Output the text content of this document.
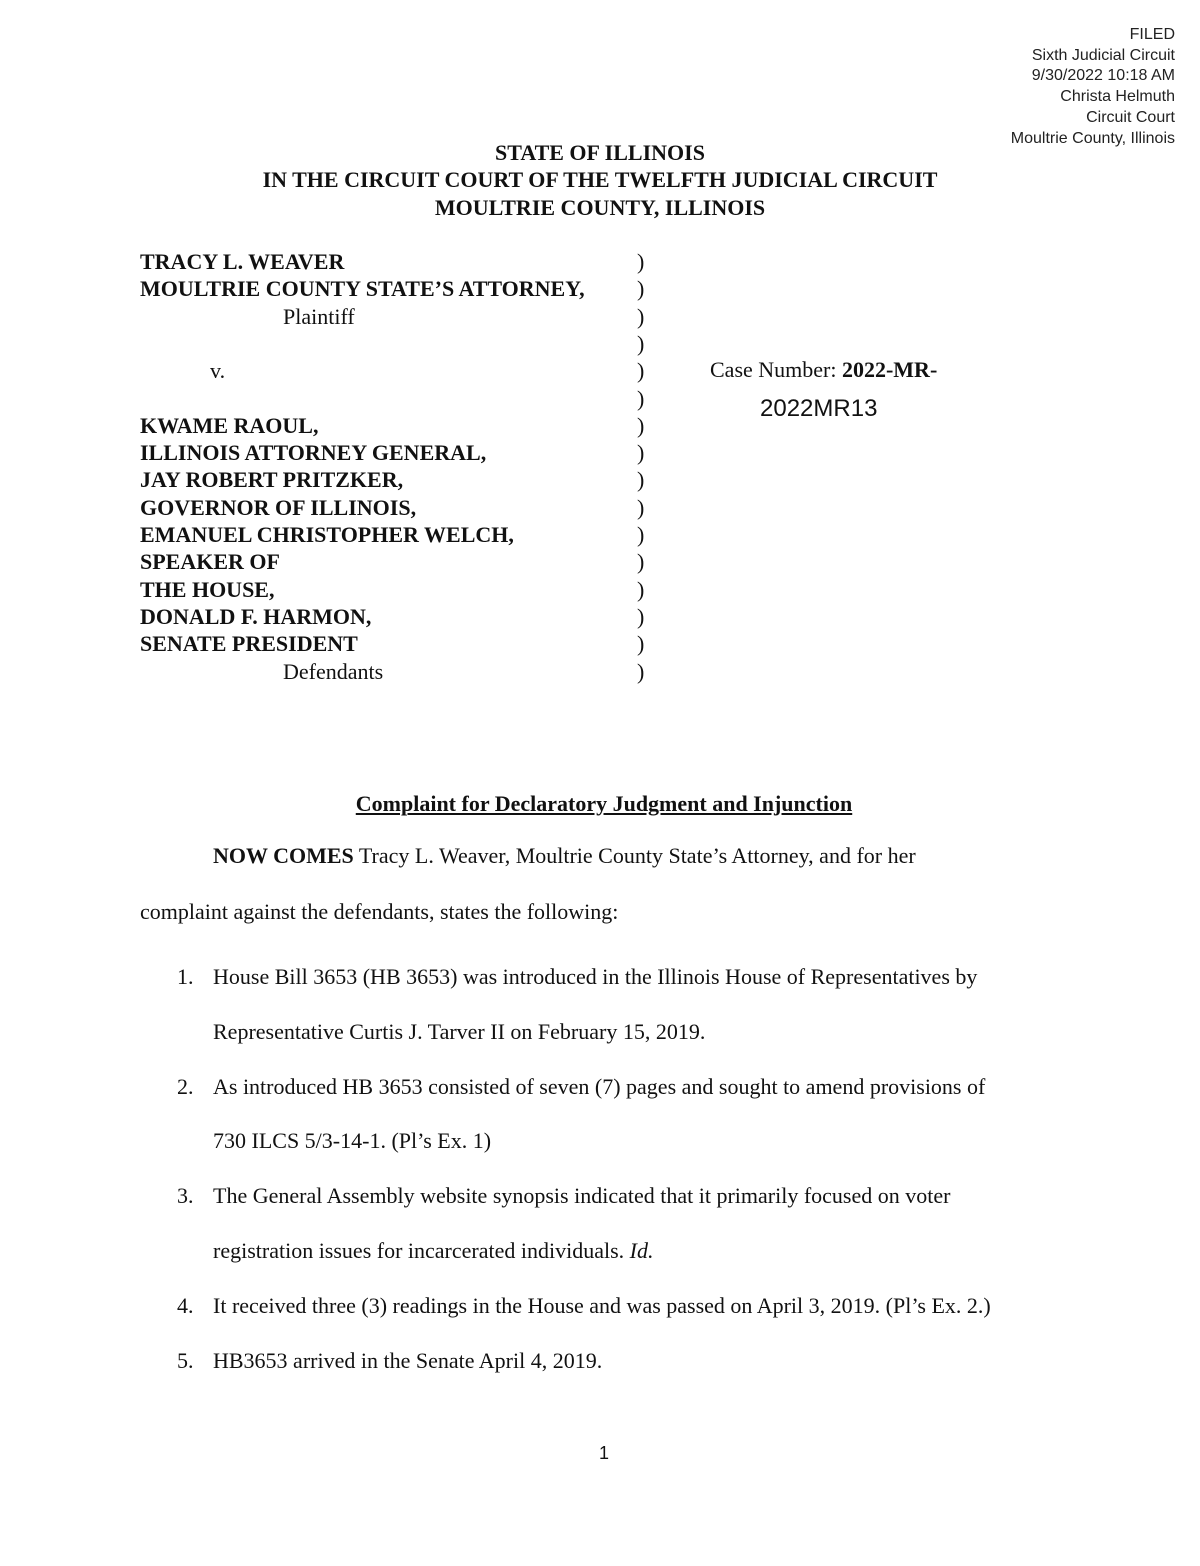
FILED
Sixth Judicial Circuit
9/30/2022 10:18 AM
Christa Helmuth
Circuit Court
Moultrie County, Illinois
STATE OF ILLINOIS
IN THE CIRCUIT COURT OF THE TWELFTH JUDICIAL CIRCUIT
MOULTRIE COUNTY, ILLINOIS
TRACY L. WEAVER	)
MOULTRIE COUNTY STATE’S ATTORNEY, )
Plaintiff	)
)
v.	)
)
KWAME RAOUL,	)
ILLINOIS ATTORNEY GENERAL,	)
JAY ROBERT PRITZKER,	)
GOVERNOR OF ILLINOIS,	)
EMANUEL CHRISTOPHER WELCH,	)
SPEAKER OF	)
THE HOUSE,	)
DONALD F. HARMON,	)
SENATE PRESIDENT	)
Defendants	)
Case Number: 2022-MR-
2022MR13
Complaint for Declaratory Judgment and Injunction
NOW COMES Tracy L. Weaver, Moultrie County State’s Attorney, and for her
complaint against the defendants, states the following:
1. House Bill 3653 (HB 3653) was introduced in the Illinois House of Representatives by
Representative Curtis J. Tarver II on February 15, 2019.
2. As introduced HB 3653 consisted of seven (7) pages and sought to amend provisions of
730 ILCS 5/3-14-1. (Pl’s Ex. 1)
3. The General Assembly website synopsis indicated that it primarily focused on voter
registration issues for incarcerated individuals. Id.
4. It received three (3) readings in the House and was passed on April 3, 2019. (Pl’s Ex. 2.)
5. HB3653 arrived in the Senate April 4, 2019.
1
